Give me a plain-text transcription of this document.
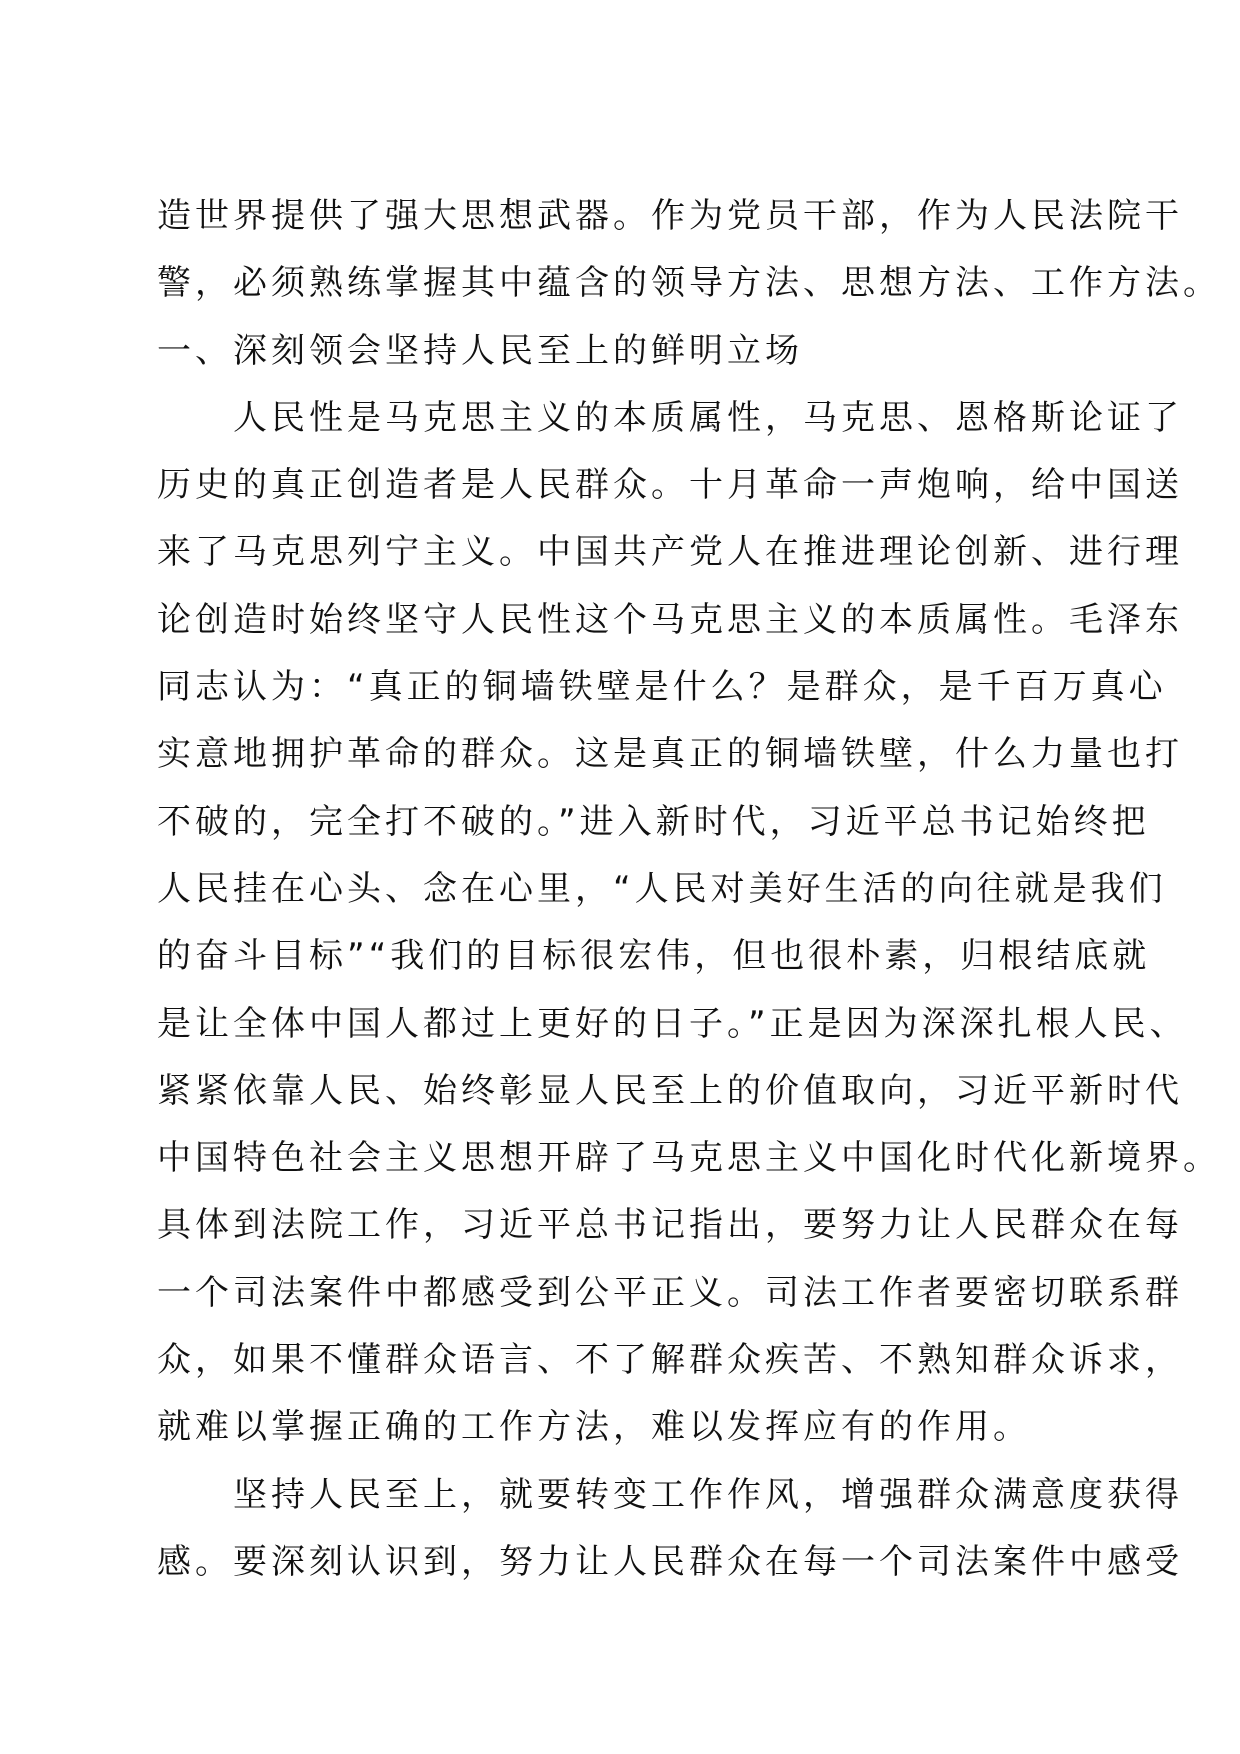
造世界提供了强大思想武器。作为党员干部，作为人民法院干
警，必须熟练掌握其中蕴含的领导方法、思想方法、工作方法。
一、深刻领会坚持人民至上的鲜明立场
　　人民性是马克思主义的本质属性，马克思、恩格斯论证了
历史的真正创造者是人民群众。十月革命一声炮响，给中国送
来了马克思列宁主义。中国共产党人在推进理论创新、进行理
论创造时始终坚守人民性这个马克思主义的本质属性。毛泽东
同志认为：“真正的铜墙铁壁是什么？是群众，是千百万真心
实意地拥护革命的群众。这是真正的铜墙铁壁，什么力量也打
不破的，完全打不破的。”进入新时代，习近平总书记始终把
人民挂在心头、念在心里，“人民对美好生活的向往就是我们
的奋斗目标”“我们的目标很宏伟，但也很朴素，归根结底就
是让全体中国人都过上更好的日子。”正是因为深深扎根人民、
紧紧依靠人民、始终彰显人民至上的价值取向，习近平新时代
中国特色社会主义思想开辟了马克思主义中国化时代化新境界。
具体到法院工作，习近平总书记指出，要努力让人民群众在每
一个司法案件中都感受到公平正义。司法工作者要密切联系群
众，如果不懂群众语言、不了解群众疾苦、不熟知群众诉求，
就难以掌握正确的工作方法，难以发挥应有的作用。
　　坚持人民至上，就要转变工作作风，增强群众满意度获得
感。要深刻认识到，努力让人民群众在每一个司法案件中感受
